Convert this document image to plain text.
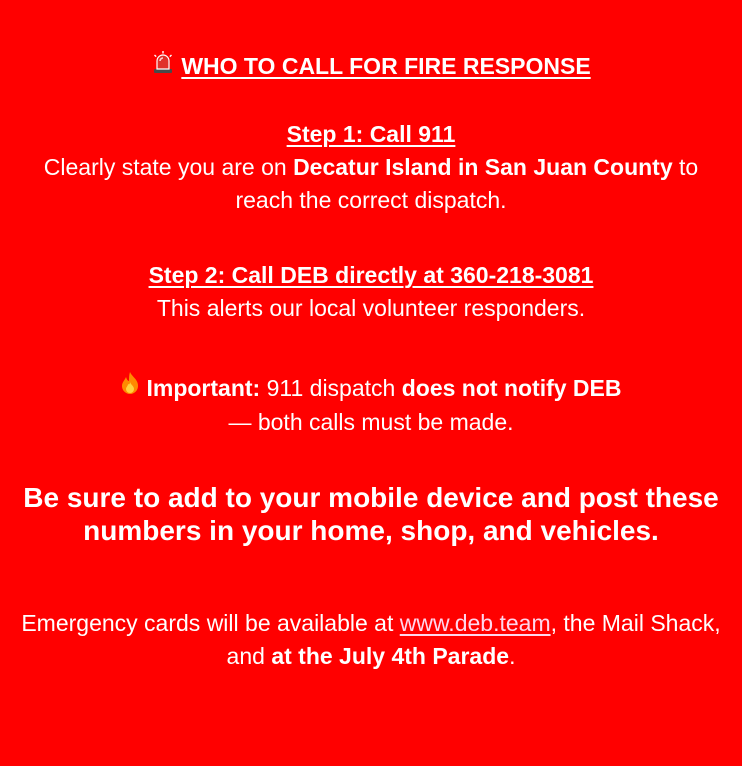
WHO TO CALL FOR FIRE RESPONSE
Step 1: Call 911
Clearly state you are on Decatur Island in San Juan County to reach the correct dispatch.
Step 2: Call DEB directly at 360-218-3081
This alerts our local volunteer responders.
Important: 911 dispatch does not notify DEB
— both calls must be made.
Be sure to add to your mobile device and post these numbers in your home, shop, and vehicles.
Emergency cards will be available at www.deb.team, the Mail Shack, and at the July 4th Parade.
